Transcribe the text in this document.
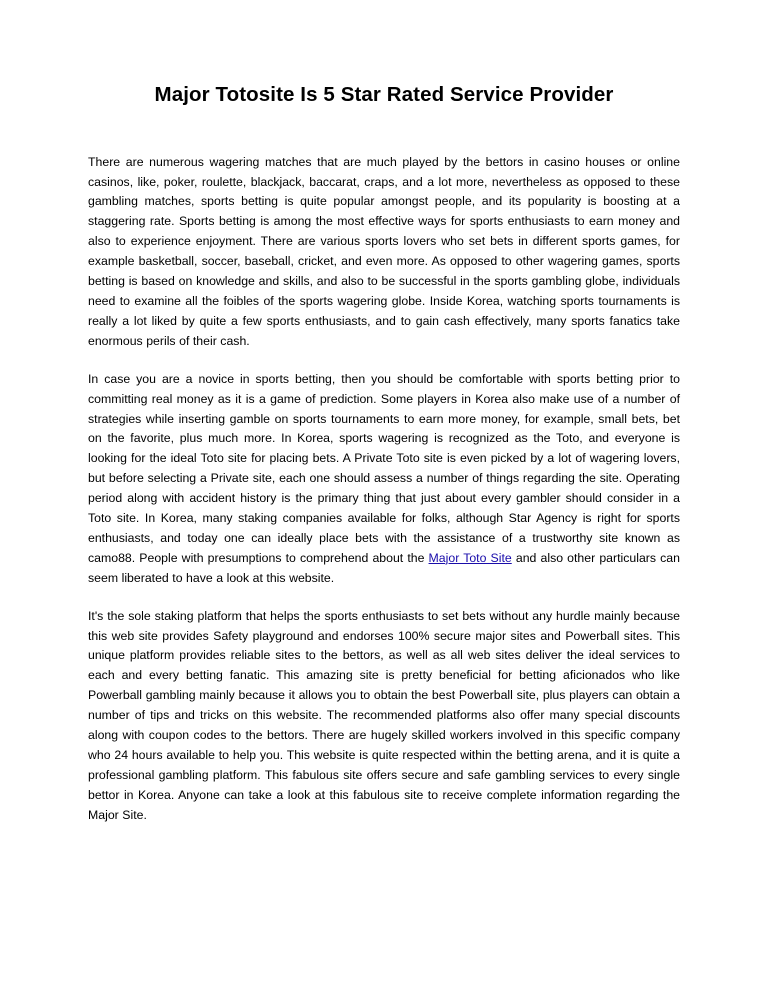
Major Totosite Is 5 Star Rated Service Provider

There are numerous wagering matches that are much played by the bettors in casino houses or online casinos, like, poker, roulette, blackjack, baccarat, craps, and a lot more, nevertheless as opposed to these gambling matches, sports betting is quite popular amongst people, and its popularity is boosting at a staggering rate. Sports betting is among the most effective ways for sports enthusiasts to earn money and also to experience enjoyment. There are various sports lovers who set bets in different sports games, for example basketball, soccer, baseball, cricket, and even more. As opposed to other wagering games, sports betting is based on knowledge and skills, and also to be successful in the sports gambling globe, individuals need to examine all the foibles of the sports wagering globe. Inside Korea, watching sports tournaments is really a lot liked by quite a few sports enthusiasts, and to gain cash effectively, many sports fanatics take enormous perils of their cash.

In case you are a novice in sports betting, then you should be comfortable with sports betting prior to committing real money as it is a game of prediction. Some players in Korea also make use of a number of strategies while inserting gamble on sports tournaments to earn more money, for example, small bets, bet on the favorite, plus much more. In Korea, sports wagering is recognized as the Toto, and everyone is looking for the ideal Toto site for placing bets. A Private Toto site is even picked by a lot of wagering lovers, but before selecting a Private site, each one should assess a number of things regarding the site. Operating period along with accident history is the primary thing that just about every gambler should consider in a Toto site. In Korea, many staking companies available for folks, although Star Agency is right for sports enthusiasts, and today one can ideally place bets with the assistance of a trustworthy site known as camo88. People with presumptions to comprehend about the Major Toto Site and also other particulars can seem liberated to have a look at this website.

It's the sole staking platform that helps the sports enthusiasts to set bets without any hurdle mainly because this web site provides Safety playground and endorses 100% secure major sites and Powerball sites. This unique platform provides reliable sites to the bettors, as well as all web sites deliver the ideal services to each and every betting fanatic. This amazing site is pretty beneficial for betting aficionados who like Powerball gambling mainly because it allows you to obtain the best Powerball site, plus players can obtain a number of tips and tricks on this website. The recommended platforms also offer many special discounts along with coupon codes to the bettors. There are hugely skilled workers involved in this specific company who 24 hours available to help you. This website is quite respected within the betting arena, and it is quite a professional gambling platform. This fabulous site offers secure and safe gambling services to every single bettor in Korea. Anyone can take a look at this fabulous site to receive complete information regarding the Major Site.
